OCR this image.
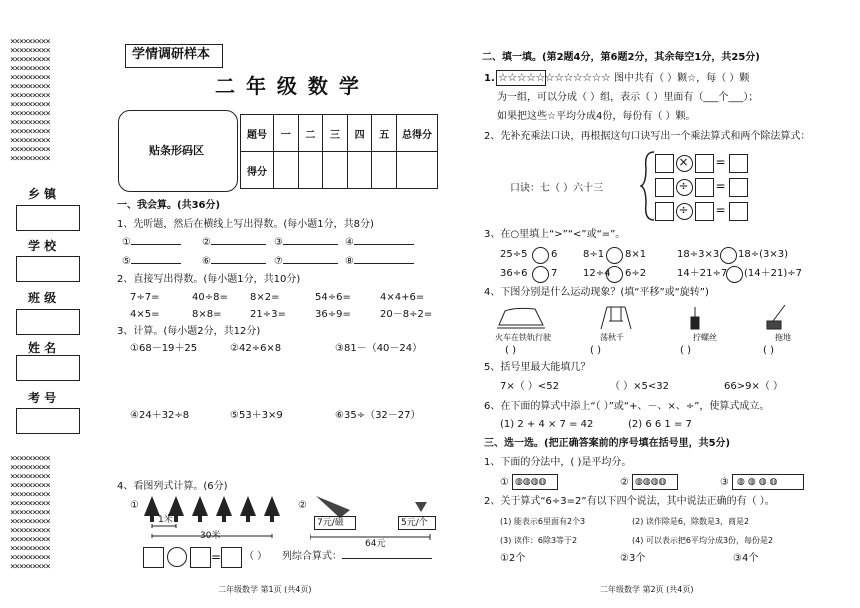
⨯⨯⨯⨯⨯⨯⨯⨯⨯
⨯⨯⨯⨯⨯⨯⨯⨯⨯
⨯⨯⨯⨯⨯⨯⨯⨯⨯
⨯⨯⨯⨯⨯⨯⨯⨯⨯
⨯⨯⨯⨯⨯⨯⨯⨯⨯
⨯⨯⨯⨯⨯⨯⨯⨯⨯
⨯⨯⨯⨯⨯⨯⨯⨯⨯
⨯⨯⨯⨯⨯⨯⨯⨯⨯
⨯⨯⨯⨯⨯⨯⨯⨯⨯
⨯⨯⨯⨯⨯⨯⨯⨯⨯
⨯⨯⨯⨯⨯⨯⨯⨯⨯
⨯⨯⨯⨯⨯⨯⨯⨯⨯
⨯⨯⨯⨯⨯⨯⨯⨯⨯
⨯⨯⨯⨯⨯⨯⨯⨯⨯
乡 镇
学 校
班 级
姓 名
考 号
⨯⨯⨯⨯⨯⨯⨯⨯⨯
⨯⨯⨯⨯⨯⨯⨯⨯⨯
⨯⨯⨯⨯⨯⨯⨯⨯⨯
⨯⨯⨯⨯⨯⨯⨯⨯⨯
⨯⨯⨯⨯⨯⨯⨯⨯⨯
⨯⨯⨯⨯⨯⨯⨯⨯⨯
⨯⨯⨯⨯⨯⨯⨯⨯⨯
⨯⨯⨯⨯⨯⨯⨯⨯⨯
⨯⨯⨯⨯⨯⨯⨯⨯⨯
⨯⨯⨯⨯⨯⨯⨯⨯⨯
⨯⨯⨯⨯⨯⨯⨯⨯⨯
⨯⨯⨯⨯⨯⨯⨯⨯⨯
⨯⨯⨯⨯⨯⨯⨯⨯⨯
学情调研样本
二 年 级 数 学
贴条形码区
题号	一	二	三	四	五	总得分
得分						
一、我会算。(共36分)
1、先听题，然后在横线上写出得数。(每小题1分，共8分)
①	②	③	④
⑤	⑥	⑦	⑧
2、直接写出得数。(每小题1分，共10分)
7÷7=	40÷8= 8×2=	54÷6=	4×4+6=
4×5=	8×8=	21÷3=	36÷9=	20－8÷2=
3、计算。(每小题2分，共12分)
①68－19＋25	②42÷6×8	③81－（40－24）
④24＋32÷8	⑤53＋3×9	⑥35÷（32－27）
4、看图列式计算。(6分)
①	②
1米
30米
7元/磁	5元/个
64元
= （ ） 列综合算式：
二年级数学 第1页 (共4页)
二、填一填。(第2题4分，第6题2分，其余每空1分，共25分)
1. ☆☆☆☆☆☆☆☆☆☆☆☆ 图中共有（ ）颗☆，每（ ）颗
为一组，可以分成（ ）组，表示（ ）里面有（___个___）；
如果把这些☆平均分成4份，每份有（ ）颗。
2、先补充乘法口诀，再根据这句口诀写出一个乘法算式和两个除法算式：
口诀：七（ ）六十三
× =
÷ =
÷ =
3、在○里填上“>”“<”或“=”。
25÷5 6	8÷1 8×1	18÷3×3 18÷(3×3)
36÷6 7	12÷4 6÷2	14＋21÷7 (14＋21)÷7
4、下图分别是什么运动现象？(填“平移”或“旋转”)
火车在铁轨行驶	荡秋千	拧螺丝	拖地
( )	( )	( )	( )
5、括号里最大能填几？
7×（ ）<52	（ ）×5<32	66>9×（ ）
6、在下面的算式中添上“（ ）”或“+、－、×、÷”，使算式成立。
(1) 2 + 4 × 7 = 42	(2) 6 6 1 = 7
三、选一选。(把正确答案前的序号填在括号里，共5分)
1、下面的分法中，( )是平均分。
① ◍◍◍◍	② ◍◍◍◍	③ ◍◍◍◍
2、关于算式“6÷3=2”有以下四个说法，其中说法正确的有（ ）。
(1) 能表示6里面有2个3	(2) 读作除是6，除数是3，商是2
(3) 读作：6除3等于2	(4) 可以表示把6平均分成3份，每份是2
①2个	②3个	③4个
二年级数学 第2页 (共4页)
